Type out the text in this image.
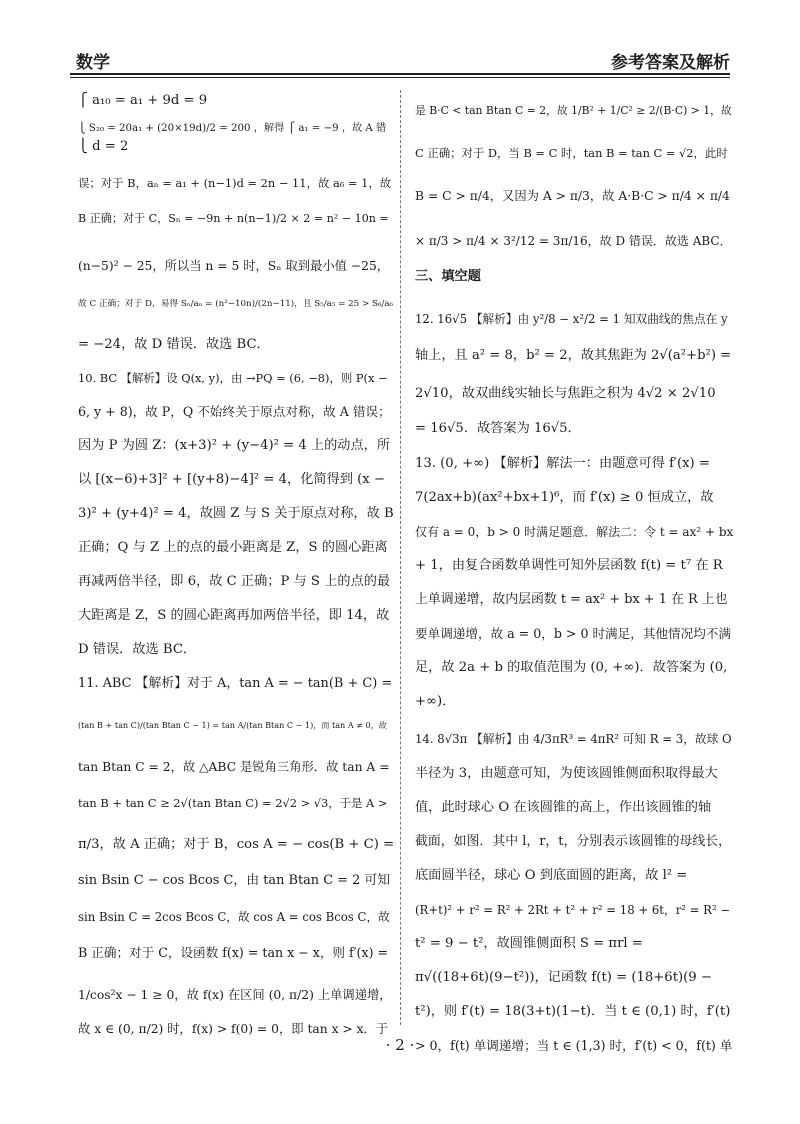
数学	参考答案及解析
⎧ a₁₀ = a₁ + 9d = 9
⎩ S₂₀ = 20a₁ + (20×19d)/2 = 200 ，解得 ⎧ a₁ = −9 ，故 A 错
⎩ d = 2
误；对于 B，aₙ = a₁ + (n−1)d = 2n − 11，故 a₆ = 1，故
B 正确；对于 C，Sₙ = −9n + n(n−1)/2 × 2 = n² − 10n =
(n−5)² − 25，所以当 n = 5 时，Sₙ 取到最小值 −25，
故 C 正确；对于 D，易得 Sₙ/aₙ = (n²−10n)/(2n−11)，且 S₅/a₅ = 25 > S₆/a₆
= −24，故 D 错误．故选 BC．
10. BC 【解析】设 Q(x, y)，由 →PQ = (6, −8)，则 P(x −
6, y + 8)，故 P，Q 不始终关于原点对称，故 A 错误；
因为 P 为圆 Z：(x+3)² + (y−4)² = 4 上的动点，所
以 [(x−6)+3]² + [(y+8)−4]² = 4，化简得到 (x −
3)² + (y+4)² = 4，故圆 Z 与 S 关于原点对称，故 B
正确；Q 与 Z 上的点的最小距离是 Z，S 的圆心距离
再减两倍半径，即 6，故 C 正确；P 与 S 上的点的最
大距离是 Z，S 的圆心距离再加两倍半径，即 14，故
D 错误．故选 BC．
11. ABC 【解析】对于 A，tan A = − tan(B + C) =
(tan B + tan C)/(tan Btan C − 1) = tan A/(tan Btan C − 1)，而 tan A ≠ 0，故
tan Btan C = 2，故 △ABC 是锐角三角形．故 tan A =
tan B + tan C ≥ 2√(tan Btan C) = 2√2 > √3，于是 A >
π/3，故 A 正确；对于 B，cos A = − cos(B + C) =
sin Bsin C − cos Bcos C，由 tan Btan C = 2 可知
sin Bsin C = 2cos Bcos C，故 cos A = cos Bcos C，故
B 正确；对于 C，设函数 f(x) = tan x − x，则 f′(x) =
1/cos²x − 1 ≥ 0，故 f(x) 在区间 (0, π/2) 上单调递增，
故 x ∈ (0, π/2) 时，f(x) > f(0) = 0，即 tan x > x．于
是 B·C < tan Btan C = 2，故 1/B² + 1/C² ≥ 2/(B·C) > 1，故
C 正确；对于 D，当 B = C 时，tan B = tan C = √2，此时
B = C > π/4，又因为 A > π/3，故 A·B·C > π/4 × π/4
× π/3 > π/4 × 3²/12 = 3π/16，故 D 错误．故选 ABC．
三、填空题
12. 16√5 【解析】由 y²/8 − x²/2 = 1 知双曲线的焦点在 y
轴上，且 a² = 8，b² = 2，故其焦距为 2√(a²+b²) =
2√10，故双曲线实轴长与焦距之积为 4√2 × 2√10
= 16√5．故答案为 16√5．
13. (0, +∞) 【解析】解法一：由题意可得 f′(x) =
7(2ax+b)(ax²+bx+1)⁶，而 f′(x) ≥ 0 恒成立，故
仅有 a = 0，b > 0 时满足题意．解法二：令 t = ax² + bx
+ 1，由复合函数单调性可知外层函数 f(t) = t⁷ 在 R
上单调递增，故内层函数 t = ax² + bx + 1 在 R 上也
要单调递增，故 a = 0，b > 0 时满足，其他情况均不满
足，故 2a + b 的取值范围为 (0, +∞)．故答案为 (0,
+∞)．
14. 8√3π 【解析】由 4/3πR³ = 4πR² 可知 R = 3，故球 O
半径为 3，由题意可知，为使该圆锥侧面积取得最大
值，此时球心 O 在该圆锥的高上，作出该圆锥的轴
截面，如图．其中 l，r，t，分别表示该圆锥的母线长，
底面圆半径，球心 O 到底面圆的距离，故 l² =
(R+t)² + r² = R² + 2Rt + t² + r² = 18 + 6t，r² = R² −
t² = 9 − t²，故圆锥侧面积 S = πrl =
π√((18+6t)(9−t²))，记函数 f(t) = (18+6t)(9 −
t²)，则 f′(t) = 18(3+t)(1−t)．当 t ∈ (0,1) 时，f′(t)
> 0，f(t) 单调递增；当 t ∈ (1,3) 时，f′(t) < 0，f(t) 单
· 2 ·
